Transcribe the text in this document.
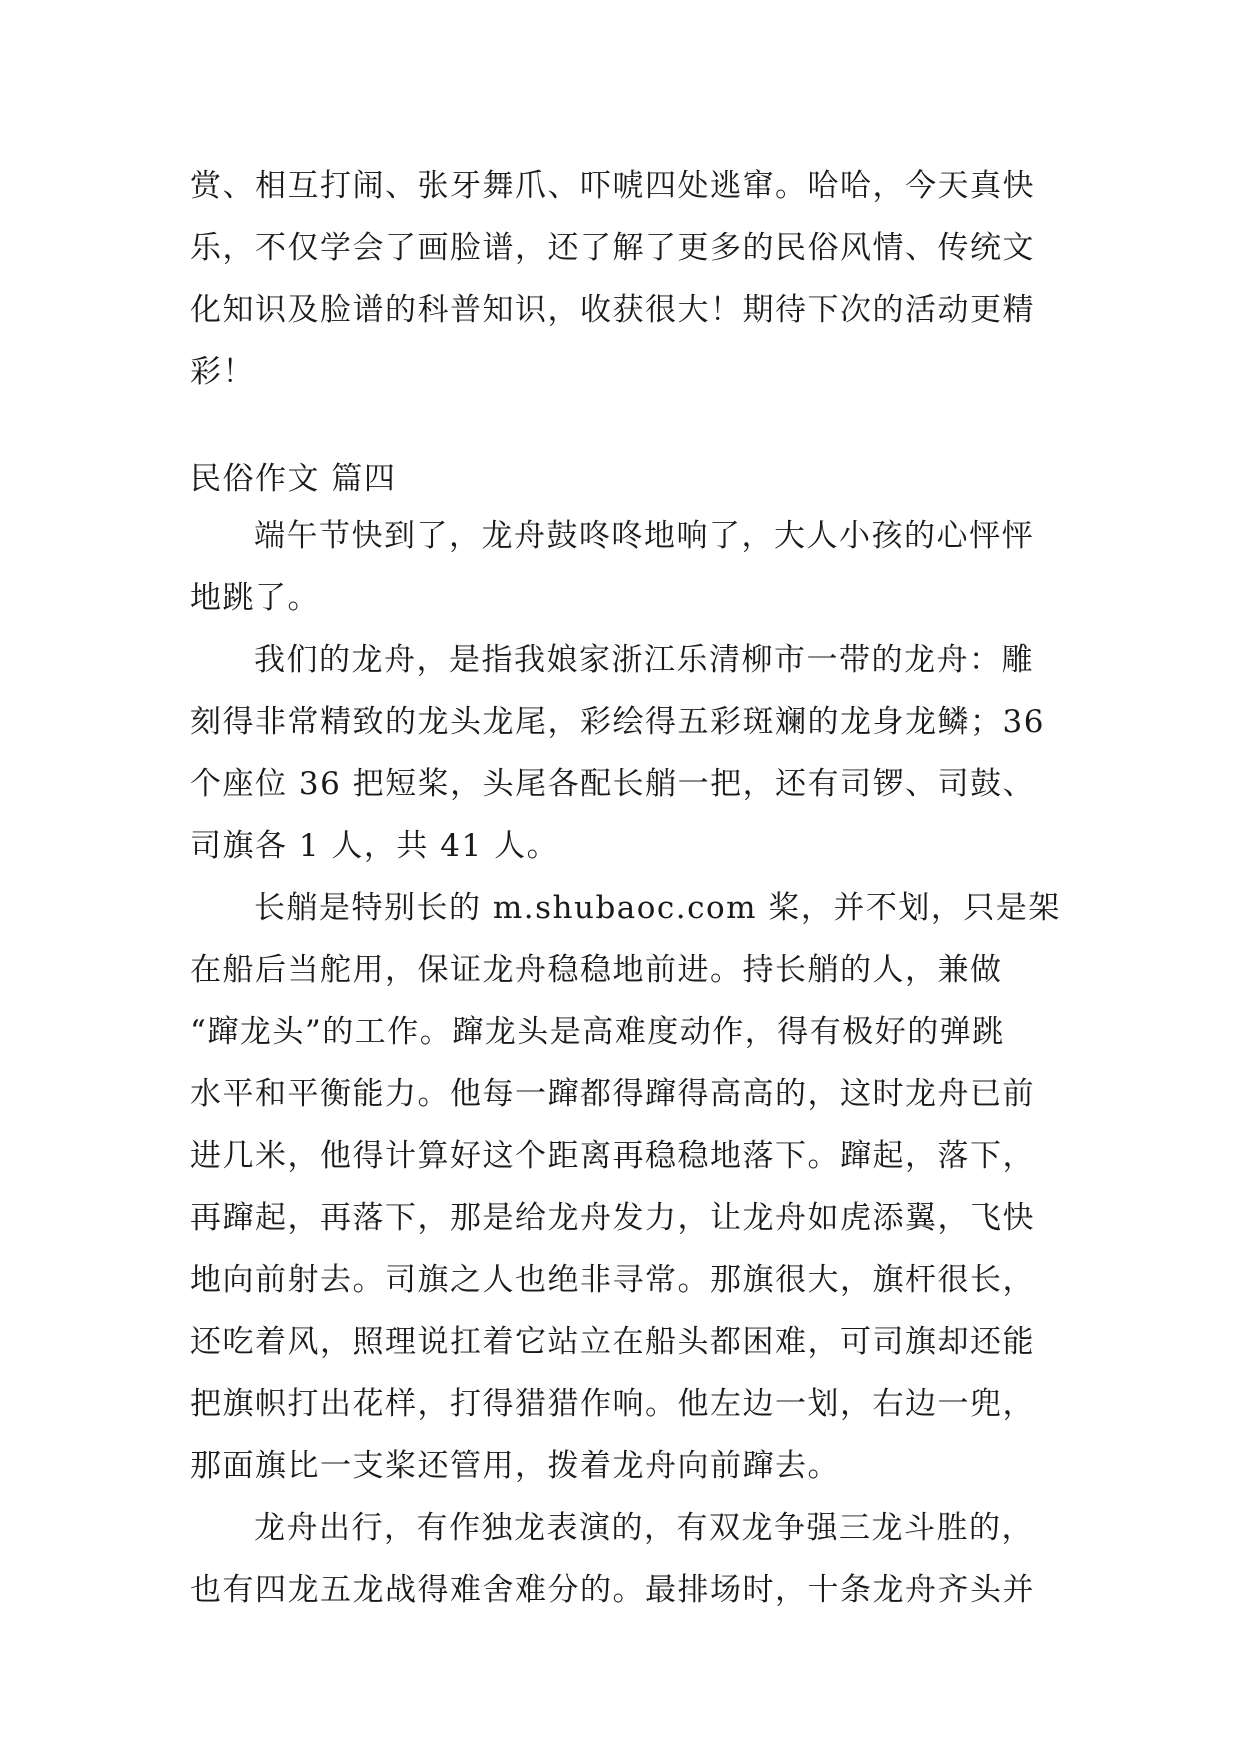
赏、相互打闹、张牙舞爪、吓唬四处逃窜。哈哈，今天真快
乐，不仅学会了画脸谱，还了解了更多的民俗风情、传统文
化知识及脸谱的科普知识，收获很大！期待下次的活动更精
彩！
民俗作文 篇四
端午节快到了，龙舟鼓咚咚地响了，大人小孩的心怦怦
地跳了。
我们的龙舟，是指我娘家浙江乐清柳市一带的龙舟：雕
刻得非常精致的龙头龙尾，彩绘得五彩斑斓的龙身龙鳞；36
个座位 36 把短桨，头尾各配长艄一把，还有司锣、司鼓、
司旗各 1 人，共 41 人。
长艄是特别长的 m.shubaoc.com 桨，并不划，只是架
在船后当舵用，保证龙舟稳稳地前进。持长艄的人，兼做
“蹿龙头”的工作。蹿龙头是高难度动作，得有极好的弹跳
水平和平衡能力。他每一蹿都得蹿得高高的，这时龙舟已前
进几米，他得计算好这个距离再稳稳地落下。蹿起，落下，
再蹿起，再落下，那是给龙舟发力，让龙舟如虎添翼，飞快
地向前射去。司旗之人也绝非寻常。那旗很大，旗杆很长，
还吃着风，照理说扛着它站立在船头都困难，可司旗却还能
把旗帜打出花样，打得猎猎作响。他左边一划，右边一兜，
那面旗比一支桨还管用，拨着龙舟向前蹿去。
龙舟出行，有作独龙表演的，有双龙争强三龙斗胜的，
也有四龙五龙战得难舍难分的。最排场时，十条龙舟齐头并
